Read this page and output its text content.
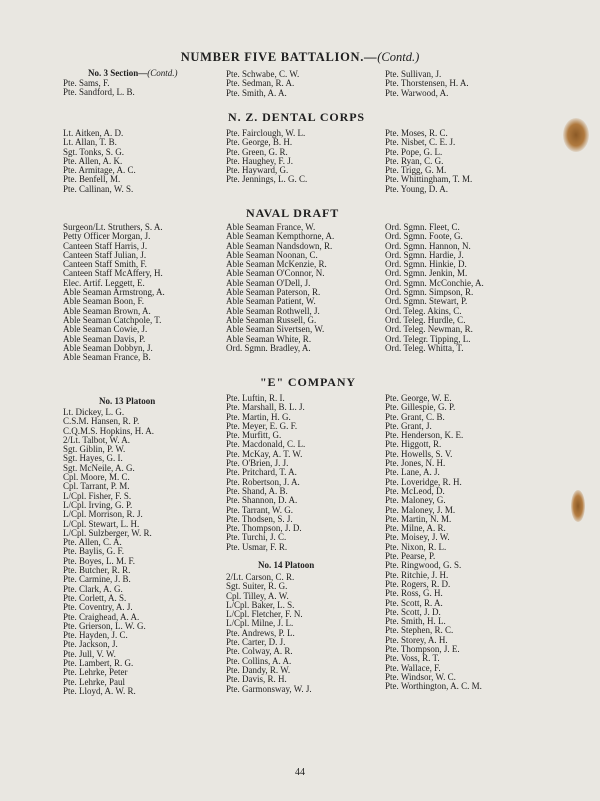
NUMBER FIVE BATTALION.—(Contd.)
No. 3 Section—(Contd.)
Pte. Sams, F.
Pte. Sandford, L. B.
Pte. Schwabe, C. W.
Pte. Sedman, R. A.
Pte. Smith, A. A.
Pte. Sullivan, J.
Pte. Thorstensen, H. A.
Pte. Warwood, A.
N. Z. DENTAL CORPS
Lt. Aitken, A. D.
Lt. Allan, T. B.
Sgt. Tonks, S. G.
Pte. Allen, A. K.
Pte. Armitage, A. C.
Pte. Benfell, M.
Pte. Callinan, W. S.
Pte. Fairclough, W. L.
Pte. George, B. H.
Pte. Green, G. R.
Pte. Haughey, F. J.
Pte. Hayward, G.
Pte. Jennings, L. G. C.
Pte. Moses, R. C.
Pte. Nisbet, C. E. J.
Pte. Pope, G. L.
Pte. Ryan, C. G.
Pte. Trigg, G. M.
Pte. Whittingham, T. M.
Pte. Young, D. A.
NAVAL DRAFT
Surgeon/Lt. Struthers, S. A.
Petty Officer Morgan, J.
Canteen Staff Harris, J.
Canteen Staff Julian, J.
Canteen Staff Smith, F.
Canteen Staff McAffery, H.
Elec. Artif. Leggett, E.
Able Seaman Armstrong, A.
Able Seaman Boon, F.
Able Seaman Brown, A.
Able Seaman Catchpole, T.
Able Seaman Cowie, J.
Able Seaman Davis, P.
Able Seaman Dobbyn, J.
Able Seaman France, B.
Able Seaman France, W.
Able Seaman Kempthorne, A.
Able Seaman Nandsdown, R.
Able Seaman Noonan, C.
Able Seaman McKenzie, R.
Able Seaman O'Connor, N.
Able Seaman O'Dell, J.
Able Seaman Paterson, R.
Able Seaman Patient, W.
Able Seaman Rothwell, J.
Able Seaman Russell, G.
Able Seaman Sivertsen, W.
Able Seaman White, R.
Ord. Sgmn. Bradley, A.
Ord. Sgmn. Fleet, C.
Ord. Sgmn. Foote, G.
Ord. Sgmn. Hannon, N.
Ord. Sgmn. Hardie, J.
Ord. Sgmn. Hinkie, D.
Ord. Sgmn. Jenkin, M.
Ord. Sgmn. McConchie, A.
Ord. Sgmn. Simpson, R.
Ord. Sgmn. Stewart, P.
Ord. Teleg. Akins, C.
Ord. Teleg. Hurdle, C.
Ord. Teleg. Newman, R.
Ord. Telegr. Tipping, L.
Ord. Teleg. Whitta, T.
"E" COMPANY
No. 13 Platoon
Lt. Dickey, L. G.
C.S.M. Hansen, R. P.
C.Q.M.S. Hopkins, H. A.
2/Lt. Talbot, W. A.
Sgt. Giblin, P. W.
Sgt. Hayes, G. I.
Sgt. McNeile, A. G.
Cpl. Moore, M. C.
Cpl. Tarrant, P. M.
L/Cpl. Fisher, F. S.
L/Cpl. Irving, G. P.
L/Cpl. Morrison, R. J.
L/Cpl. Stewart, L. H.
L/Cpl. Sulzberger, W. R.
Pte. Allen, C. A.
Pte. Baylis, G. F.
Pte. Boyes, L. M. F.
Pte. Butcher, R. R.
Pte. Carmine, J. B.
Pte. Clark, A. G.
Pte. Corlett, A. S.
Pte. Coventry, A. J.
Pte. Craighead, A. A.
Pte. Grierson, L. W. G.
Pte. Hayden, J. C.
Pte. Jackson, J.
Pte. Jull, V. W.
Pte. Lambert, R. G.
Pte. Lehrke, Peter
Pte. Lehrke, Paul
Pte. Lloyd, A. W. R.
Pte. Luftin, R. I.
Pte. Marshall, B. L. J.
Pte. Martin, H. G.
Pte. Meyer, E. G. F.
Pte. Murfitt, G.
Pte. Macdonald, C. L.
Pte. McKay, A. T. W.
Pte. O'Brien, J. J.
Pte. Pritchard, T. A.
Pte. Robertson, J. A.
Pte. Shand, A. B.
Pte. Shannon, D. A.
Pte. Tarrant, W. G.
Pte. Thodsen, S. J.
Pte. Thompson, J. D.
Pte. Turchi, J. C.
Pte. Usmar, F. R.
No. 14 Platoon
2/Lt. Carson, C. R.
Sgt. Suiter, R. G.
Cpl. Tilley, A. W.
L/Cpl. Baker, L. S.
L/Cpl. Fletcher, F. N.
L/Cpl. Milne, J. L.
Pte. Andrews, P. L.
Pte. Carter, D. J.
Pte. Colway, A. R.
Pte. Collins, A. A.
Pte. Dandy, R. W.
Pte. Davis, R. H.
Pte. Garmonsway, W. J.
Pte. George, W. E.
Pte. Gillespie, G. P.
Pte. Grant, C. B.
Pte. Grant, J.
Pte. Henderson, K. E.
Pte. Higgott, R.
Pte. Howells, S. V.
Pte. Jones, N. H.
Pte. Lane, A. J.
Pte. Loveridge, R. H.
Pte. McLeod, D.
Pte. Maloney, G.
Pte. Maloney, J. M.
Pte. Martin, N. M.
Pte. Milne, A. R.
Pte. Moisey, J. W.
Pte. Nixon, R. L.
Pte. Pearse, P.
Pte. Ringwood, G. S.
Pte. Ritchie, J. H.
Pte. Rogers, R. D.
Pte. Ross, G. H.
Pte. Scott, R. A.
Pte. Scott, J. D.
Pte. Smith, H. L.
Pte. Stephen, R. C.
Pte. Storey, A. H.
Pte. Thompson, J. E.
Pte. Voss, R. T.
Pte. Wallace, F.
Pte. Windsor, W. C.
Pte. Worthington, A. C. M.
44
